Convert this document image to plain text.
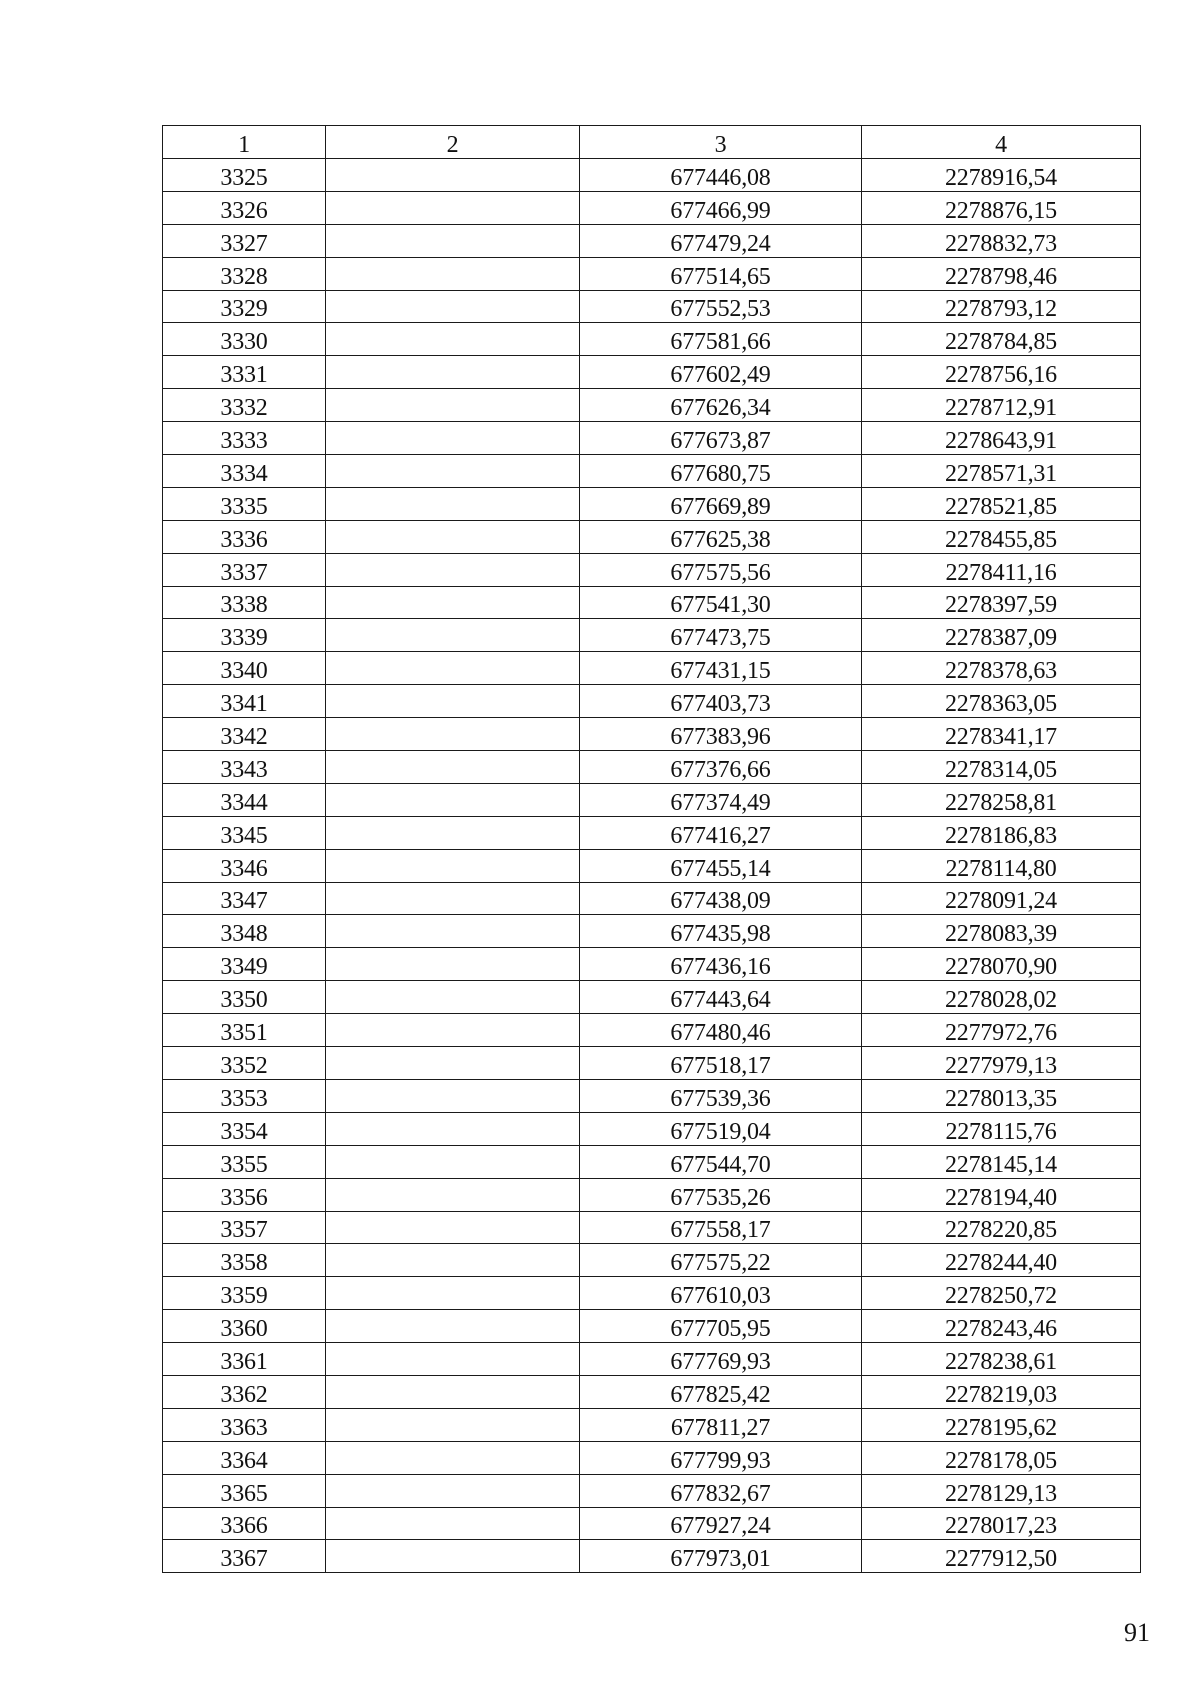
1	2	3	4
3325		677446,08	2278916,54
3326		677466,99	2278876,15
3327		677479,24	2278832,73
3328		677514,65	2278798,46
3329		677552,53	2278793,12
3330		677581,66	2278784,85
3331		677602,49	2278756,16
3332		677626,34	2278712,91
3333		677673,87	2278643,91
3334		677680,75	2278571,31
3335		677669,89	2278521,85
3336		677625,38	2278455,85
3337		677575,56	2278411,16
3338		677541,30	2278397,59
3339		677473,75	2278387,09
3340		677431,15	2278378,63
3341		677403,73	2278363,05
3342		677383,96	2278341,17
3343		677376,66	2278314,05
3344		677374,49	2278258,81
3345		677416,27	2278186,83
3346		677455,14	2278114,80
3347		677438,09	2278091,24
3348		677435,98	2278083,39
3349		677436,16	2278070,90
3350		677443,64	2278028,02
3351		677480,46	2277972,76
3352		677518,17	2277979,13
3353		677539,36	2278013,35
3354		677519,04	2278115,76
3355		677544,70	2278145,14
3356		677535,26	2278194,40
3357		677558,17	2278220,85
3358		677575,22	2278244,40
3359		677610,03	2278250,72
3360		677705,95	2278243,46
3361		677769,93	2278238,61
3362		677825,42	2278219,03
3363		677811,27	2278195,62
3364		677799,93	2278178,05
3365		677832,67	2278129,13
3366		677927,24	2278017,23
3367		677973,01	2277912,50
91
